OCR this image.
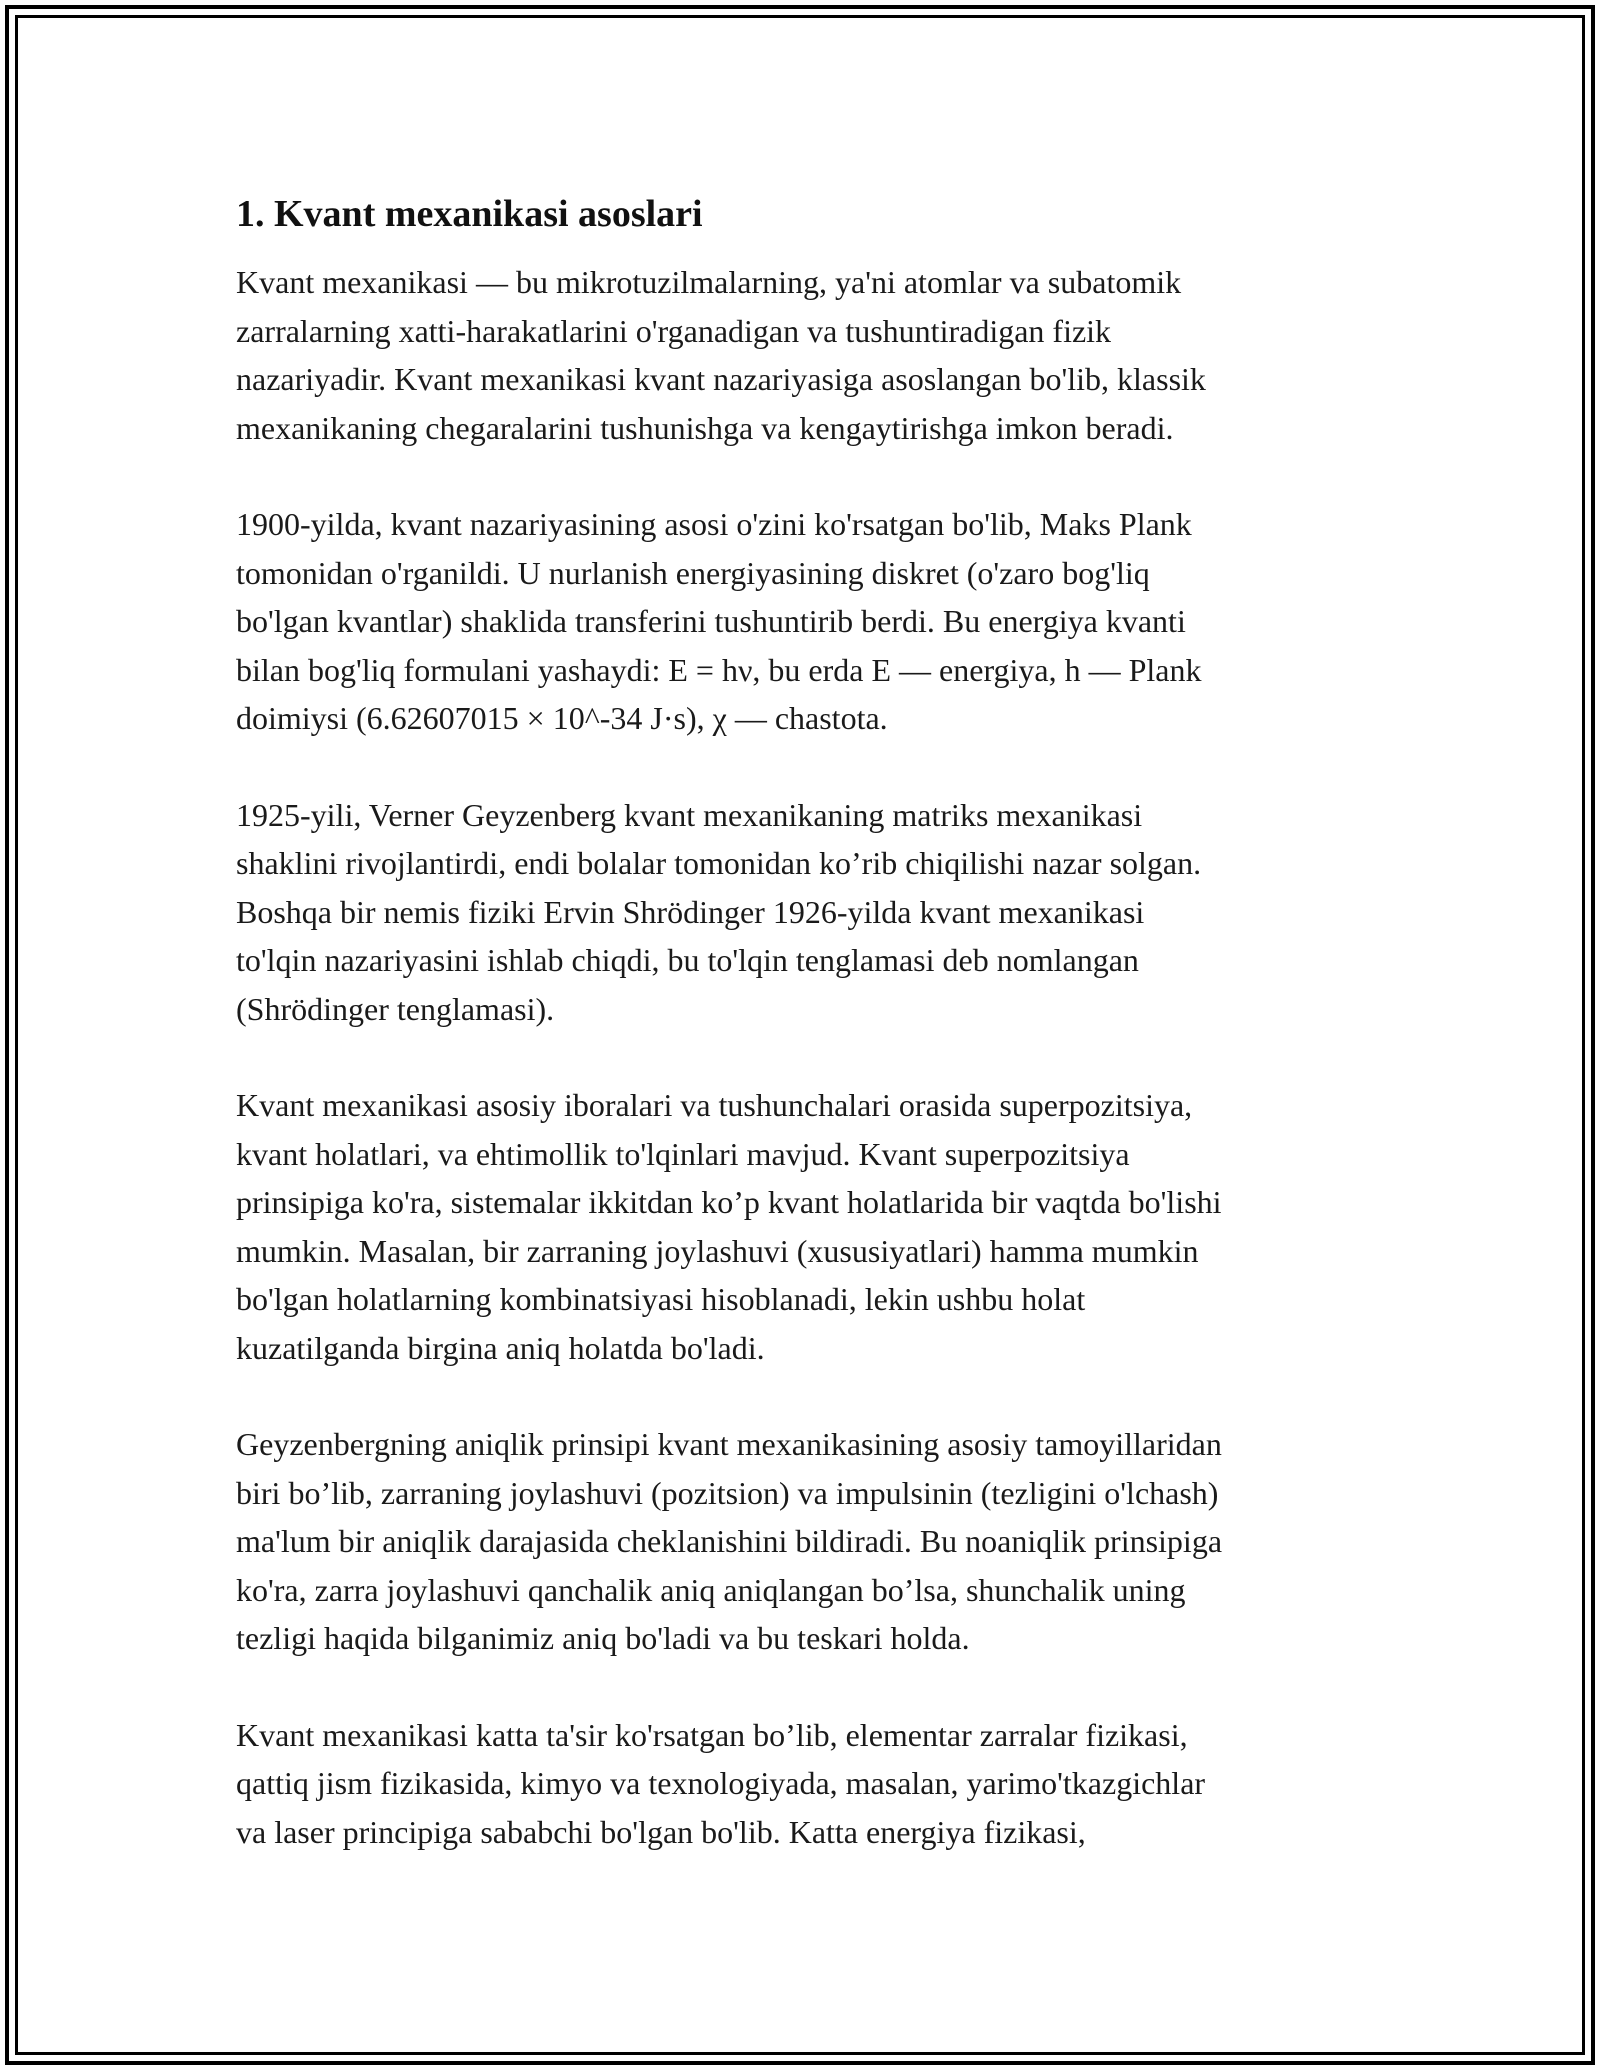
1. Kvant mexanikasi asoslari

Kvant mexanikasi — bu mikrotuzilmalarning, ya'ni atomlar va subatomik
zarralarning xatti-harakatlarini o'rganadigan va tushuntiradigan fizik
nazariyadir. Kvant mexanikasi kvant nazariyasiga asoslangan bo'lib, klassik
mexanikaning chegaralarini tushunishga va kengaytirishga imkon beradi.

1900-yilda, kvant nazariyasining asosi o'zini ko'rsatgan bo'lib, Maks Plank
tomonidan o'rganildi. U nurlanish energiyasining diskret (o'zaro bog'liq
bo'lgan kvantlar) shaklida transferini tushuntirib berdi. Bu energiya kvanti
bilan bog'liq formulani yashaydi: E = hν, bu erda E — energiya, h — Plank
doimiysi (6.62607015 × 10^-34 J·s), χ — chastota.

1925-yili, Verner Geyzenberg kvant mexanikaning matriks mexanikasi
shaklini rivojlantirdi, endi bolalar tomonidan ko’rib chiqilishi nazar solgan.
Boshqa bir nemis fiziki Ervin Shrödinger 1926-yilda kvant mexanikasi
to'lqin nazariyasini ishlab chiqdi, bu to'lqin tenglamasi deb nomlangan
(Shrödinger tenglamasi).

Kvant mexanikasi asosiy iboralari va tushunchalari orasida superpozitsiya,
kvant holatlari, va ehtimollik to'lqinlari mavjud. Kvant superpozitsiya
prinsipiga ko'ra, sistemalar ikkitdan ko’p kvant holatlarida bir vaqtda bo'lishi
mumkin. Masalan, bir zarraning joylashuvi (xususiyatlari) hamma mumkin
bo'lgan holatlarning kombinatsiyasi hisoblanadi, lekin ushbu holat
kuzatilganda birgina aniq holatda bo'ladi.

Geyzenbergning aniqlik prinsipi kvant mexanikasining asosiy tamoyillaridan
biri bo’lib, zarraning joylashuvi (pozitsion) va impulsinin (tezligini o'lchash)
ma'lum bir aniqlik darajasida cheklanishini bildiradi. Bu noaniqlik prinsipiga
ko'ra, zarra joylashuvi qanchalik aniq aniqlangan bo’lsa, shunchalik uning
tezligi haqida bilganimiz aniq bo'ladi va bu teskari holda.

Kvant mexanikasi katta ta'sir ko'rsatgan bo’lib, elementar zarralar fizikasi,
qattiq jism fizikasida, kimyo va texnologiyada, masalan, yarimo'tkazgichlar
va laser principiga sababchi bo'lgan bo'lib. Katta energiya fizikasi,
